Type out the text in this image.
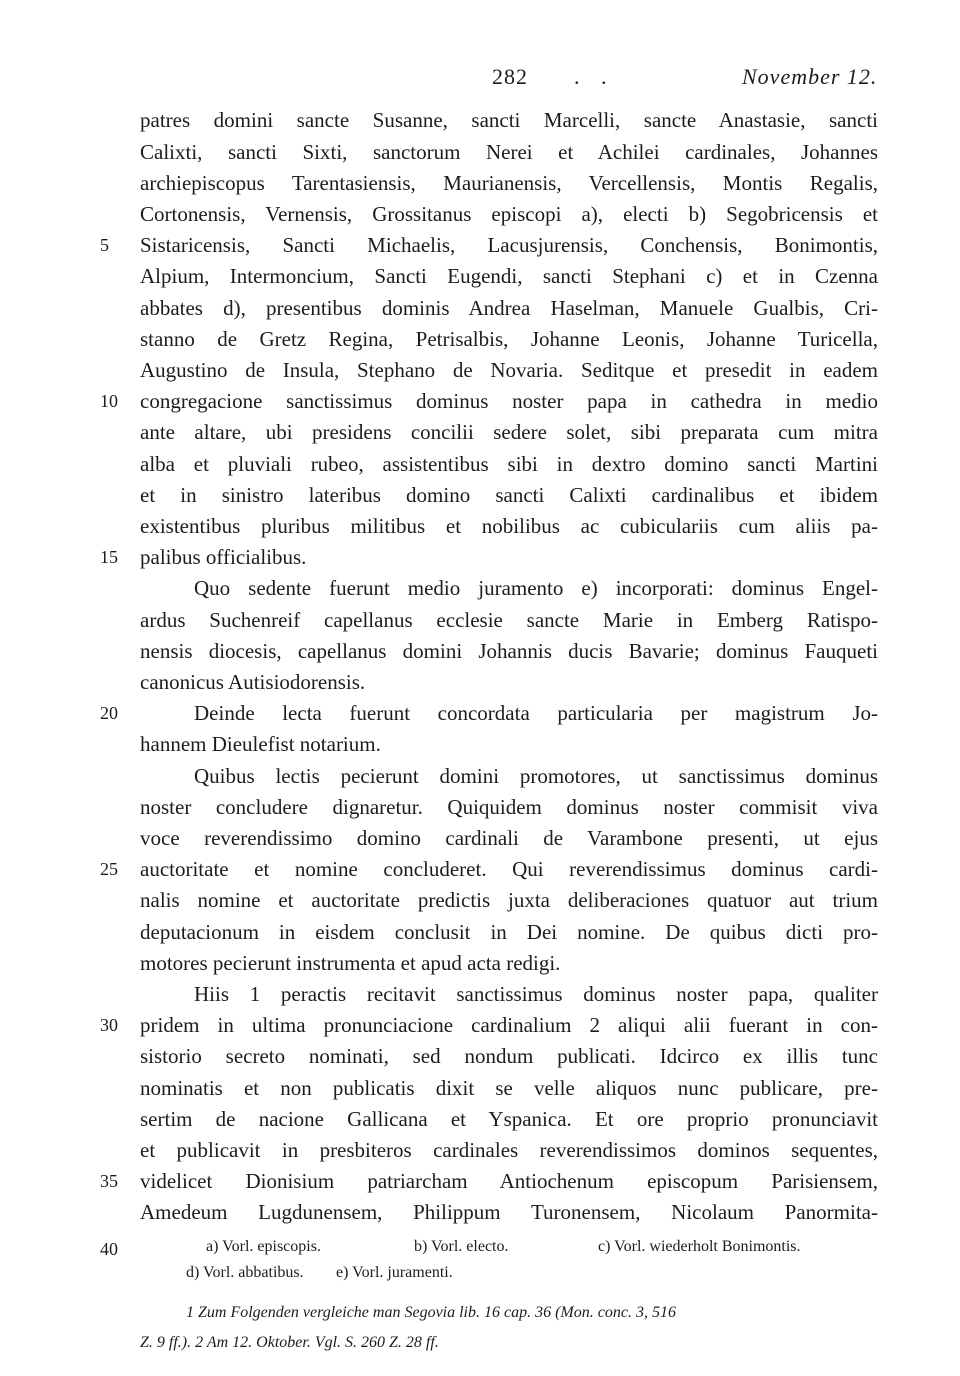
282 . .	November 12.
patres domini sancte Susanne, sancti Marcelli, sancte Anastasie, sancti
Calixti, sancti Sixti, sanctorum Nerei et Achilei cardinales, Johannes
archiepiscopus Tarentasiensis, Maurianensis, Vercellensis, Montis Regalis,
Cortonensis, Vernensis, Grossitanus episcopi a), electi b) Segobricensis et
Sistaricensis, Sancti Michaelis, Lacusjurensis, Conchensis, Bonimontis,
Alpium, Intermoncium, Sancti Eugendi, sancti Stephani c) et in Czenna
abbates d), presentibus dominis Andrea Haselman, Manuele Gualbis, Cri-
stanno de Gretz Regina, Petrisalbis, Johanne Leonis, Johanne Turicella,
Augustino de Insula, Stephano de Novaria. Seditque et presedit in eadem
congregacione sanctissimus dominus noster papa in cathedra in medio
ante altare, ubi presidens concilii sedere solet, sibi preparata cum mitra
alba et pluviali rubeo, assistentibus sibi in dextro domino sancti Martini
et in sinistro lateribus domino sancti Calixti cardinalibus et ibidem
existentibus pluribus militibus et nobilibus ac cubiculariis cum aliis pa-
palibus officialibus.
Quo sedente fuerunt medio juramento e) incorporati: dominus Engel-
ardus Suchenreif capellanus ecclesie sancte Marie in Emberg Ratispo-
nensis diocesis, capellanus domini Johannis ducis Bavarie; dominus Fauqueti
canonicus Autisiodorensis.
Deinde lecta fuerunt concordata particularia per magistrum Jo-
hannem Dieulefist notarium.
Quibus lectis pecierunt domini promotores, ut sanctissimus dominus
noster concludere dignaretur. Quiquidem dominus noster commisit viva
voce reverendissimo domino cardinali de Varambone presenti, ut ejus
auctoritate et nomine concluderet. Qui reverendissimus dominus cardi-
nalis nomine et auctoritate predictis juxta deliberaciones quatuor aut trium
deputacionum in eisdem conclusit in Dei nomine. De quibus dicti pro-
motores pecierunt instrumenta et apud acta redigi.
Hiis 1 peractis recitavit sanctissimus dominus noster papa, qualiter
pridem in ultima pronunciacione cardinalium 2 aliqui alii fuerant in con-
sistorio secreto nominati, sed nondum publicati. Idcirco ex illis tunc
nominatis et non publicatis dixit se velle aliquos nunc publicare, pre-
sertim de nacione Gallicana et Yspanica. Et ore proprio pronunciavit
et publicavit in presbiteros cardinales reverendissimos dominos sequentes,
videlicet Dionisium patriarcham Antiochenum episcopum Parisiensem,
Amedeum Lugdunensem, Philippum Turonensem, Nicolaum Panormita-
5
10
15
20
25
30
35
40	a) Vorl. episcopis.	b) Vorl. electo.	c) Vorl. wiederholt Bonimontis.
d) Vorl. abbatibus. e) Vorl. juramenti.
1 Zum Folgenden vergleiche man Segovia lib. 16 cap. 36 (Mon. conc. 3, 516
Z. 9 ff.). 2 Am 12. Oktober. Vgl. S. 260 Z. 28 ff.
